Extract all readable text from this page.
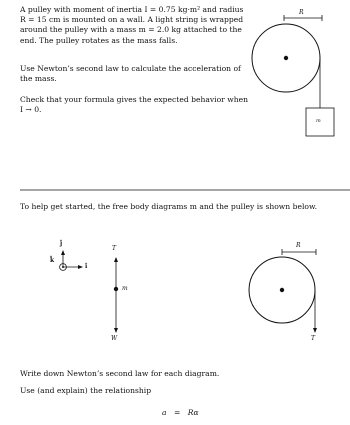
A pulley with moment of inertia I = 0.75 kg·m² and radius
R = 15 cm is mounted on a wall. A light string is wrapped
around the pulley with a mass m = 2.0 kg attached to the
end. The pulley rotates as the mass falls.
Use Newton’s second law to calculate the acceleration of
the mass.
Check that your formula gives the expected behavior when
I → 0.
R
m
To help get started, the free body diagrams m and the pulley is shown below.
ĵ
î
k̂
T
m
W
R
T
Write down Newton’s second law for each diagram.
Use (and explain) the relationship
a = Rα
